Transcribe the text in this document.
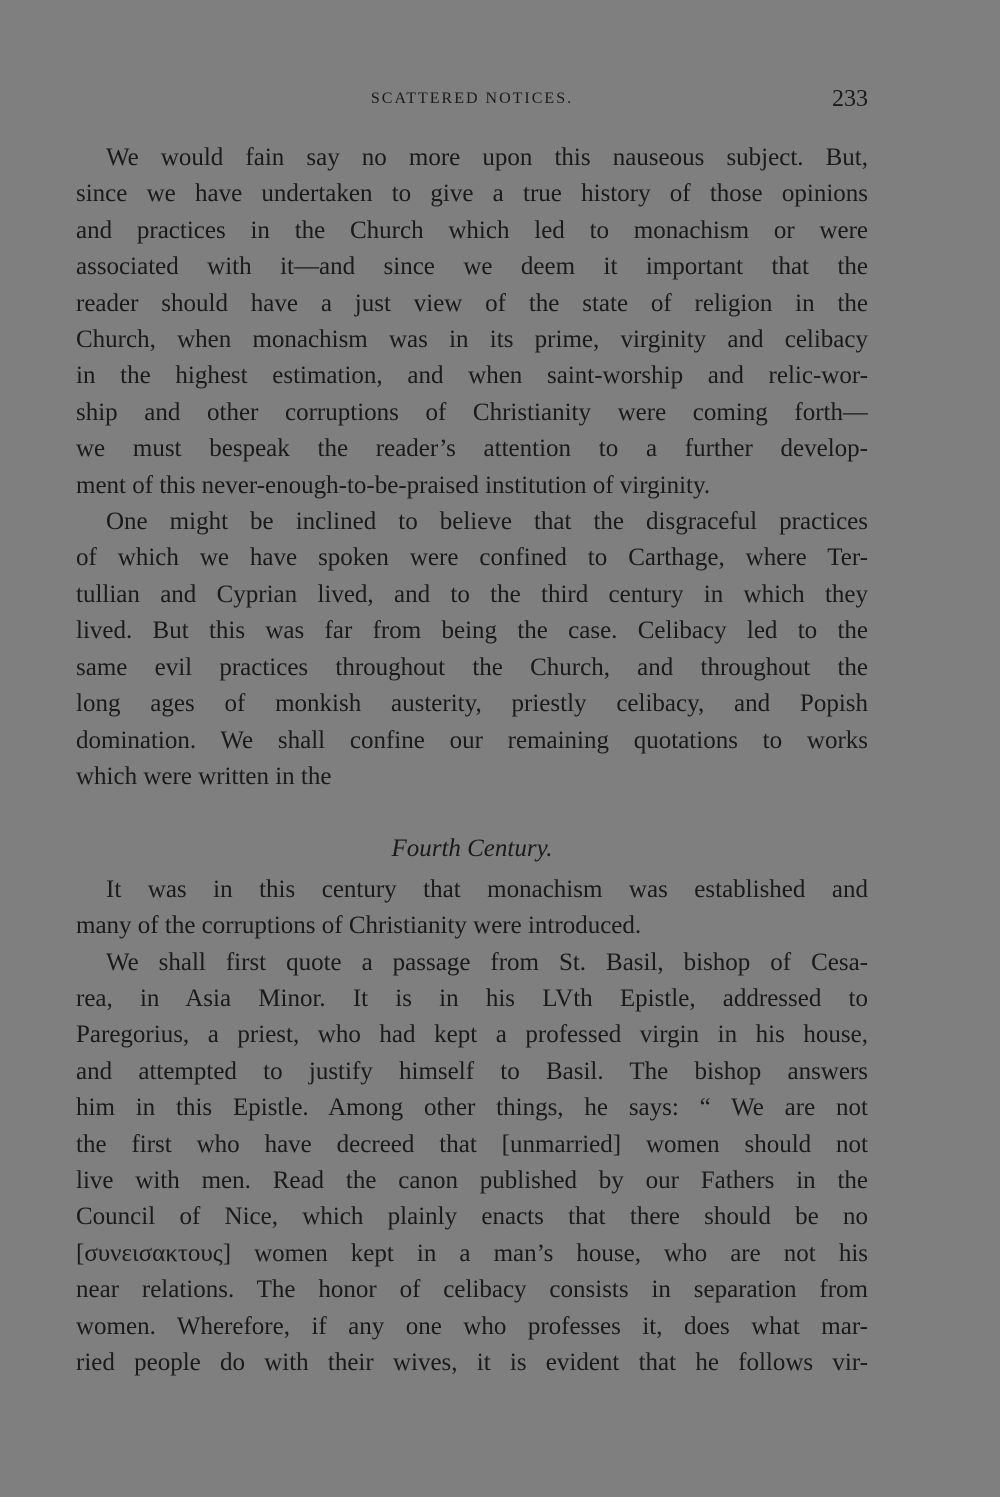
SCATTERED NOTICES.	233
We would fain say no more upon this nauseous subject. But,
since we have undertaken to give a true history of those opinions
and practices in the Church which led to monachism or were
associated with it—and since we deem it important that the
reader should have a just view of the state of religion in the
Church, when monachism was in its prime, virginity and celibacy
in the highest estimation, and when saint-worship and relic-wor-
ship and other corruptions of Christianity were coming forth—
we must bespeak the reader’s attention to a further develop-
ment of this never-enough-to-be-praised institution of virginity.
One might be inclined to believe that the disgraceful practices
of which we have spoken were confined to Carthage, where Ter-
tullian and Cyprian lived, and to the third century in which they
lived. But this was far from being the case. Celibacy led to the
same evil practices throughout the Church, and throughout the
long ages of monkish austerity, priestly celibacy, and Popish
domination. We shall confine our remaining quotations to works
which were written in the
Fourth Century.
It was in this century that monachism was established and
many of the corruptions of Christianity were introduced.
We shall first quote a passage from St. Basil, bishop of Cesa-
rea, in Asia Minor. It is in his LVth Epistle, addressed to
Paregorius, a priest, who had kept a professed virgin in his house,
and attempted to justify himself to Basil. The bishop answers
him in this Epistle. Among other things, he says: “ We are not
the first who have decreed that [unmarried] women should not
live with men. Read the canon published by our Fathers in the
Council of Nice, which plainly enacts that there should be no
[συνεισακτους] women kept in a man’s house, who are not his
near relations. The honor of celibacy consists in separation from
women. Wherefore, if any one who professes it, does what mar-
ried people do with their wives, it is evident that he follows vir-
